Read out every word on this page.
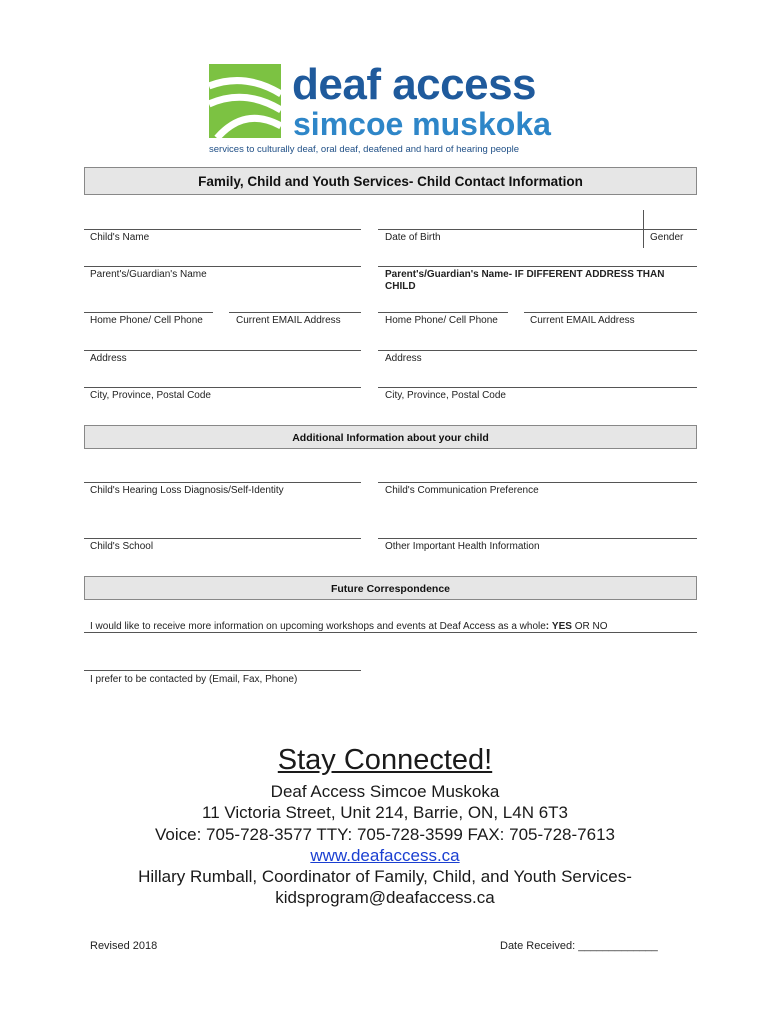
deaf access
simcoe muskoka
services to culturally deaf, oral deaf, deafened and hard of hearing people
Family, Child and Youth Services- Child Contact Information
Child's Name	Date of Birth	Gender
Parent's/Guardian's Name	Parent's/Guardian's Name- IF DIFFERENT ADDRESS THAN CHILD
Home Phone/ Cell Phone	Current EMAIL Address	Home Phone/ Cell Phone	Current EMAIL Address
Address	Address
City, Province, Postal Code	City, Province, Postal Code
Additional Information about your child
Child's Hearing Loss Diagnosis/Self-Identity	Child's Communication Preference
Child's School	Other Important Health Information
Future Correspondence
I would like to receive more information on upcoming workshops and events at Deaf Access as a whole: YES OR NO
I prefer to be contacted by (Email, Fax, Phone)
Stay Connected!
Deaf Access Simcoe Muskoka
11 Victoria Street, Unit 214, Barrie, ON, L4N 6T3
Voice: 705-728-3577 TTY: 705-728-3599 FAX: 705-728-7613
www.deafaccess.ca
Hillary Rumball, Coordinator of Family, Child, and Youth Services-
kidsprogram@deafaccess.ca
Revised 2018	Date Received: _____________
